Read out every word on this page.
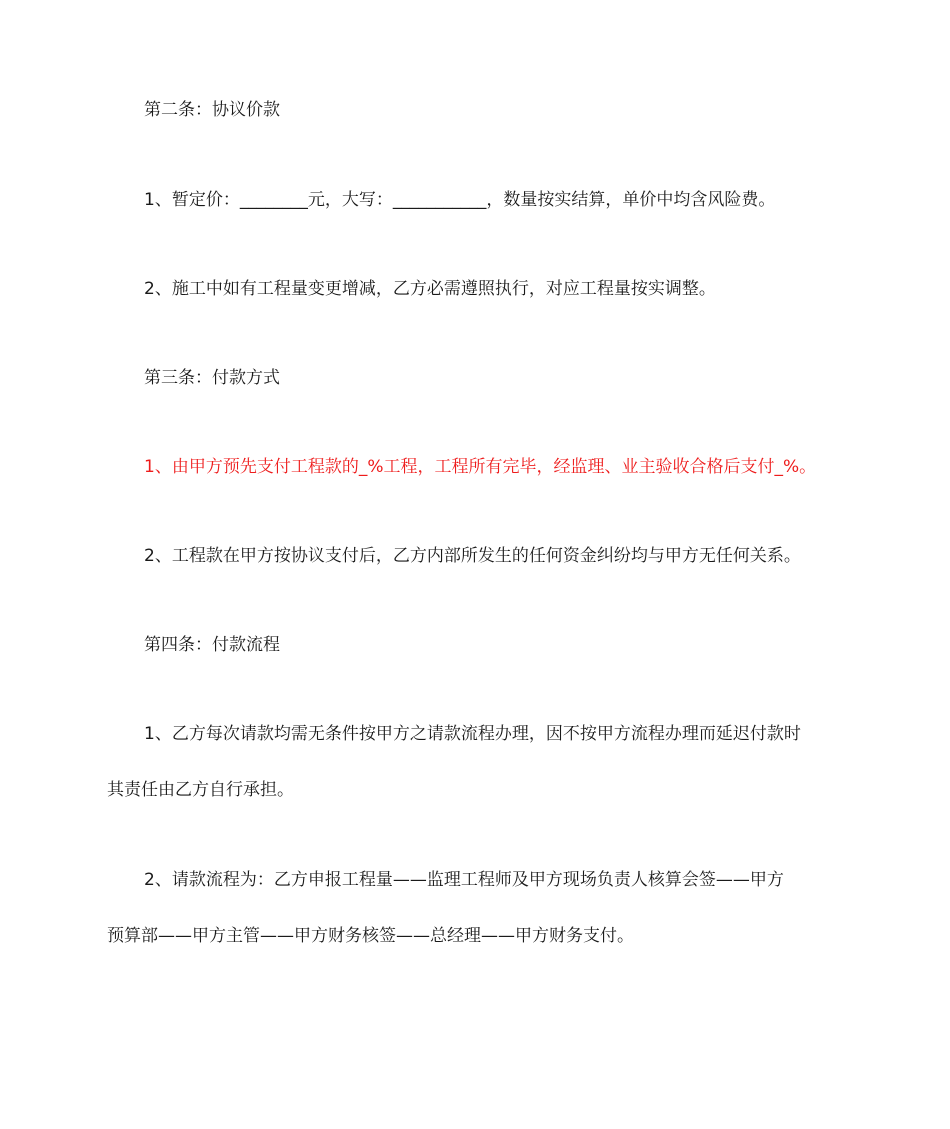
第二条：协议价款
1、暂定价：________元，大写：___________，数量按实结算，单价中均含风险费。
2、施工中如有工程量变更增减，乙方必需遵照执行，对应工程量按实调整。
第三条：付款方式
1、由甲方预先支付工程款的_%工程，工程所有完毕，经监理、业主验收合格后支付_%。
2、工程款在甲方按协议支付后，乙方内部所发生的任何资金纠纷均与甲方无任何关系。
第四条：付款流程
1、乙方每次请款均需无条件按甲方之请款流程办理，因不按甲方流程办理而延迟付款时
其责任由乙方自行承担。
2、请款流程为：乙方申报工程量——监理工程师及甲方现场负责人核算会签——甲方
预算部——甲方主管——甲方财务核签——总经理——甲方财务支付。
